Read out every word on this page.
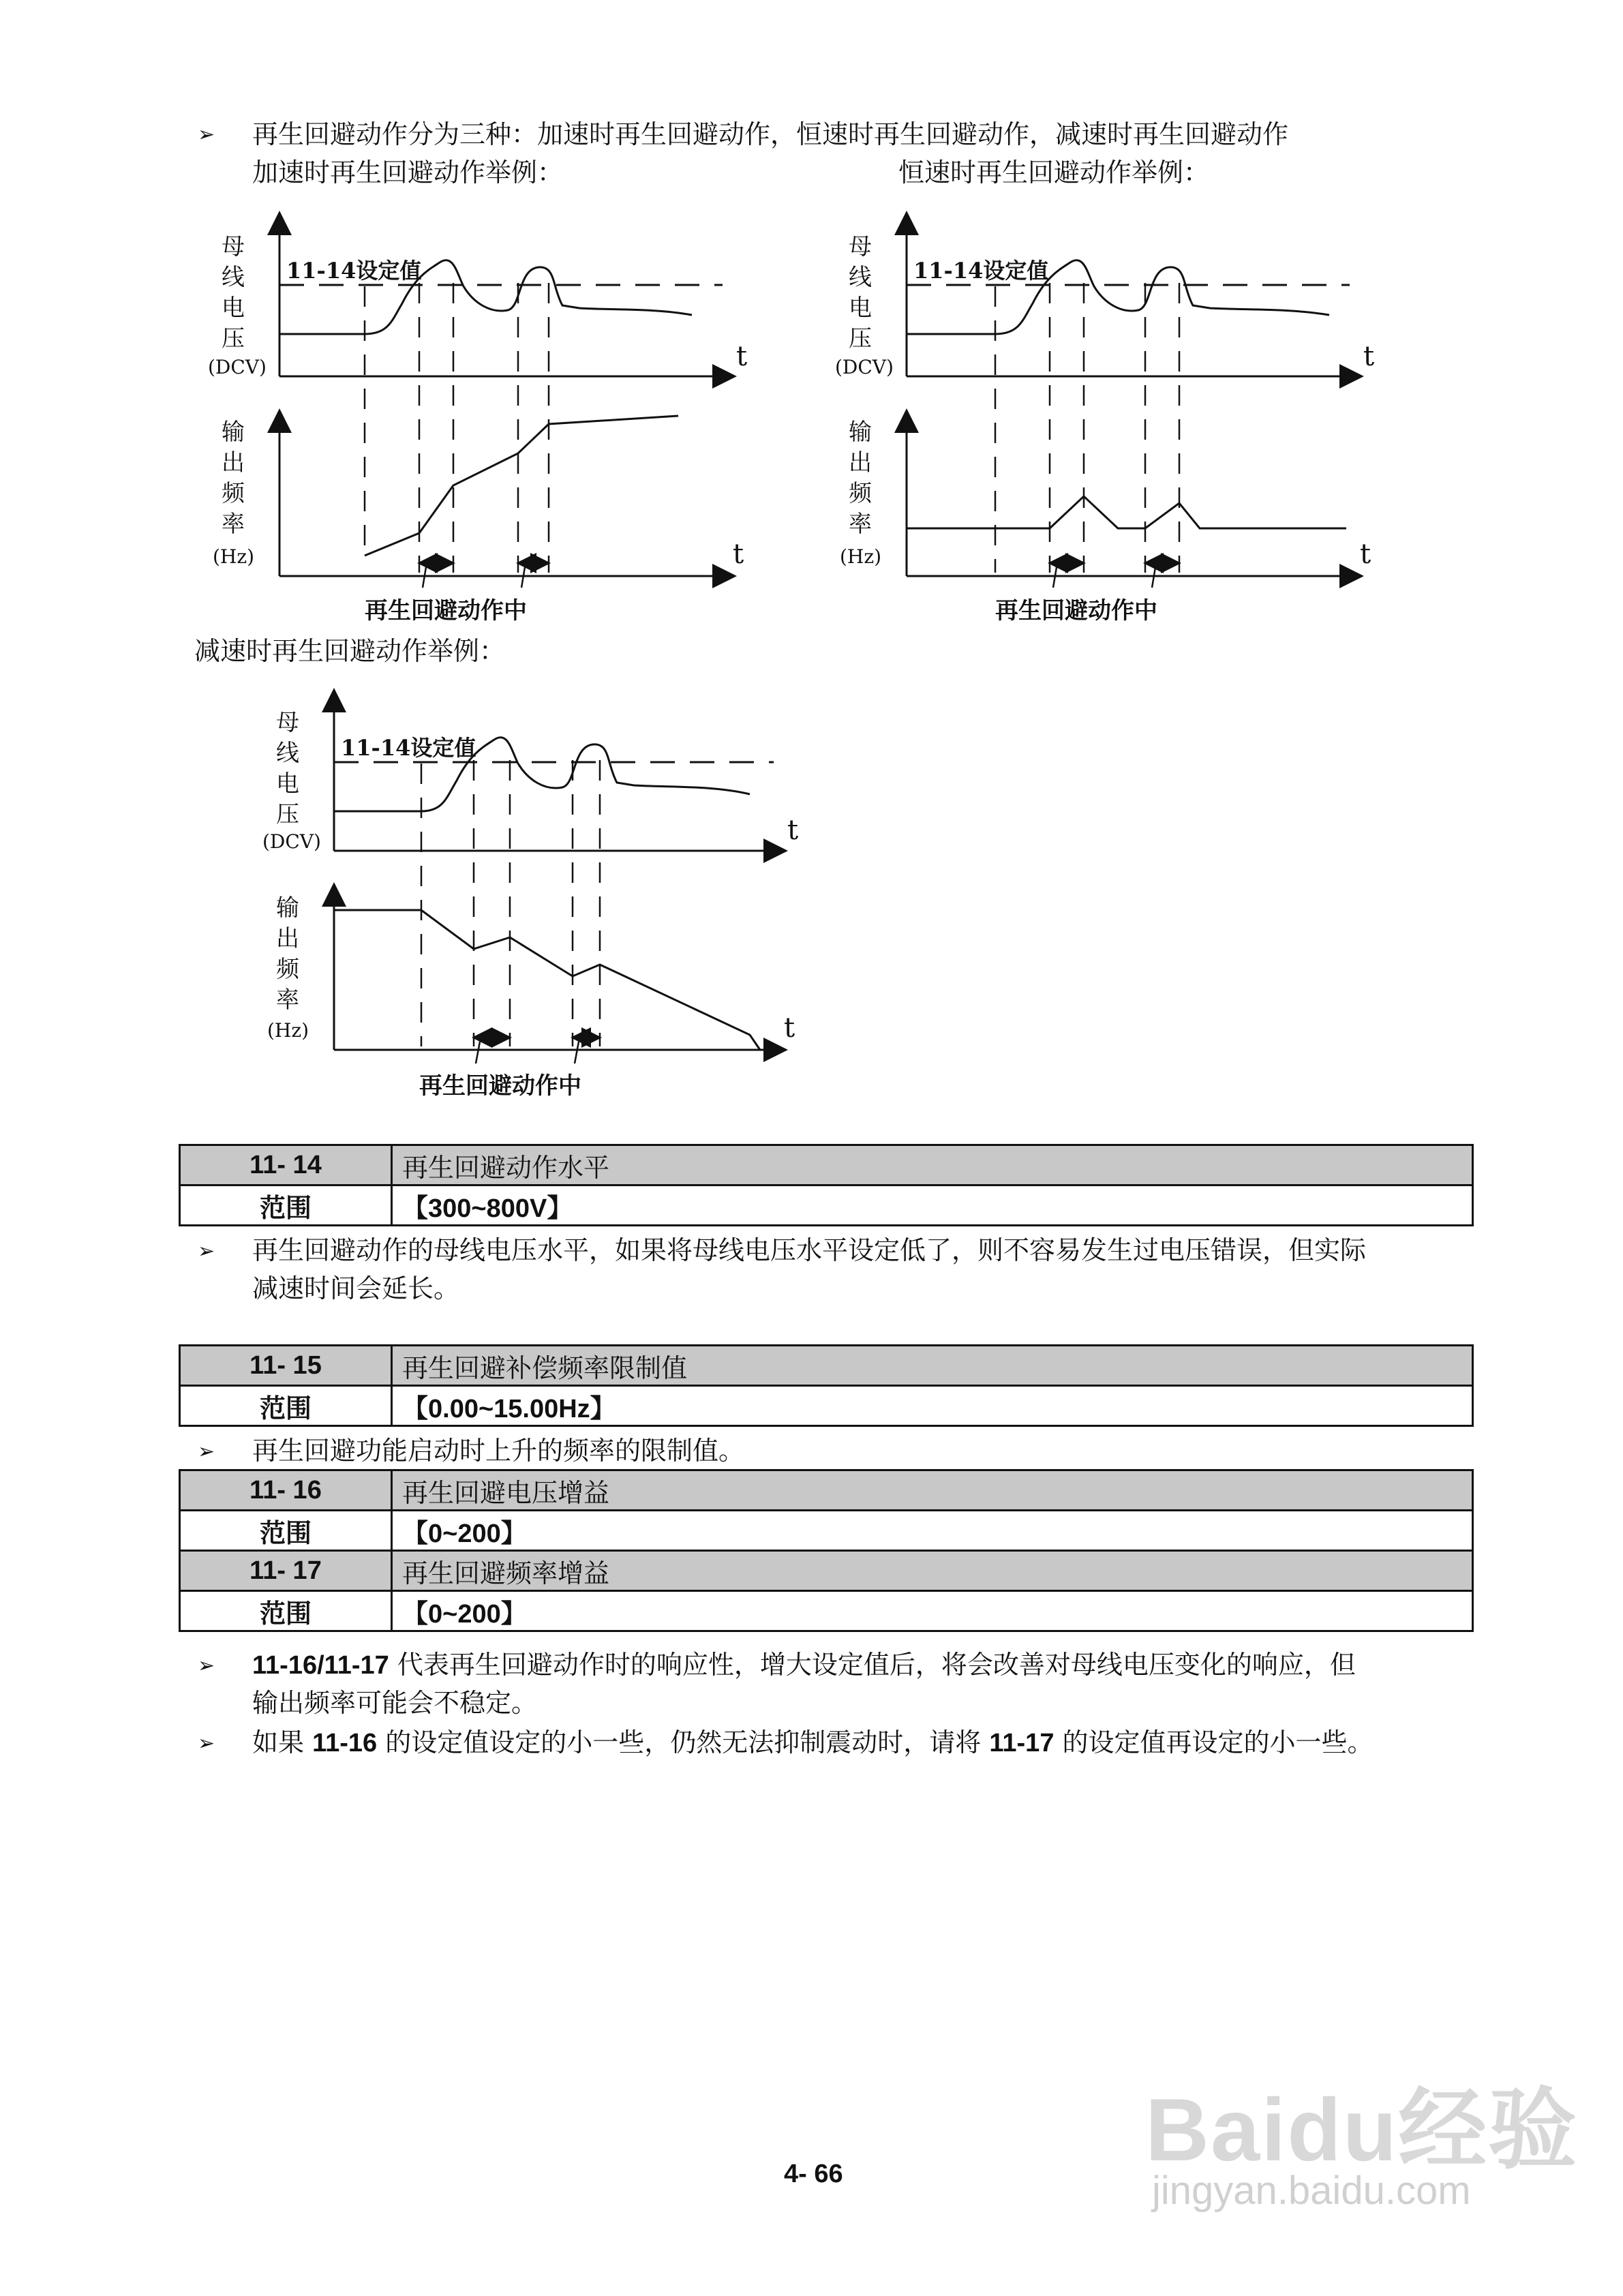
➢ 再生回避动作分为三种：加速时再生回避动作，恒速时再生回避动作，减速时再生回避动作
加速时再生回避动作举例：	恒速时再生回避动作举例：
母
线
电
压
(DCV)
输
出
频
率
(Hz)
11-14设定值
t
t
再生回避动作中
母
线
电
压
(DCV)
输
出
频
率
(Hz)
11-14设定值
t
t
再生回避动作中
减速时再生回避动作举例：
母
线
电
压
(DCV)
输
出
频
率
(Hz)
11-14设定值
t
t
再生回避动作中
11- 14	再生回避动作水平
范围	【300~800V】
➢ 再生回避动作的母线电压水平，如果将母线电压水平设定低了，则不容易发生过电压错误，但实际
减速时间会延长。
11- 15	再生回避补偿频率限制值
范围	【0.00~15.00Hz】
➢ 再生回避功能启动时上升的频率的限制值。
11- 16	再生回避电压增益
范围	【0~200】
11- 17	再生回避频率增益
范围	【0~200】
➢ 11-16/11-17 代表再生回避动作时的响应性，增大设定值后，将会改善对母线电压变化的响应，但
输出频率可能会不稳定。
➢ 如果 11-16 的设定值设定的小一些，仍然无法抑制震动时，请将 11-17 的设定值再设定的小一些。
4- 66	Baidu经验
jingyan.baidu.com
